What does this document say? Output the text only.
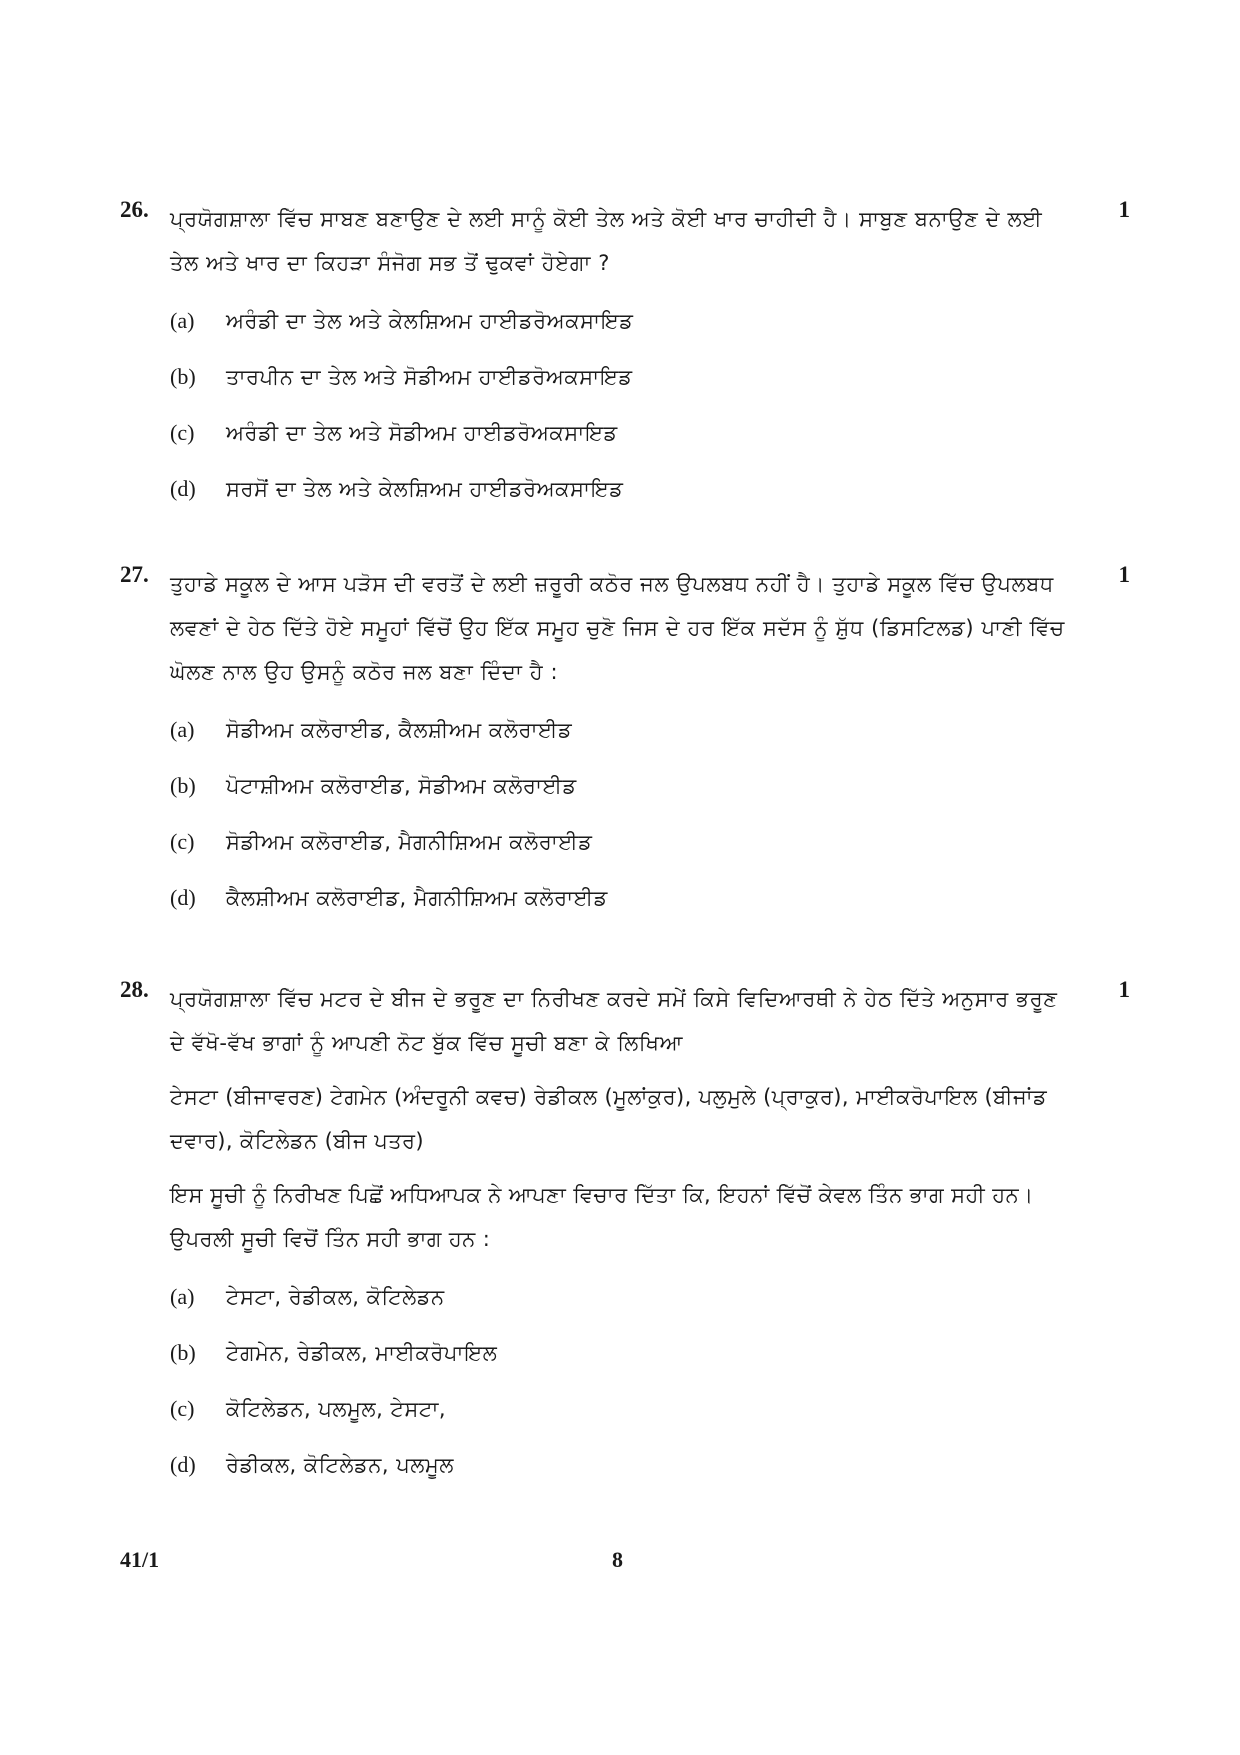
26.	1

ਪ੍ਰਯੋਗਸ਼ਾਲਾ ਵਿੱਚ ਸਾਬਣ ਬਣਾਉਣ ਦੇ ਲਈ ਸਾਨੂੰ ਕੋਈ ਤੇਲ ਅਤੇ ਕੋਈ ਖਾਰ ਚਾਹੀਦੀ ਹੈ। ਸਾਬੁਣ ਬਨਾਉਣ ਦੇ ਲਈ ਤੇਲ ਅਤੇ ਖਾਰ ਦਾ ਕਿਹੜਾ ਸੰਜੋਗ ਸਭ ਤੋਂ ਢੁਕਵਾਂ ਹੋਏਗਾ ?

(a)	ਅਰੰਡੀ ਦਾ ਤੇਲ ਅਤੇ ਕੇਲਸ਼ਿਅਮ ਹਾਈਡਰੋਅਕਸਾਇਡ
(b)	ਤਾਰਪੀਨ ਦਾ ਤੇਲ ਅਤੇ ਸੋਡੀਅਮ ਹਾਈਡਰੋਅਕਸਾਇਡ
(c)	ਅਰੰਡੀ ਦਾ ਤੇਲ ਅਤੇ ਸੋਡੀਅਮ ਹਾਈਡਰੋਅਕਸਾਇਡ
(d)	ਸਰਸੋਂ ਦਾ ਤੇਲ ਅਤੇ ਕੇਲਸ਼ਿਅਮ ਹਾਈਡਰੋਅਕਸਾਇਡ
27.	1

ਤੁਹਾਡੇ ਸਕੂਲ ਦੇ ਆਸ ਪੜੋਸ ਦੀ ਵਰਤੋਂ ਦੇ ਲਈ ਜ਼ਰੂਰੀ ਕਠੋਰ ਜਲ ਉਪਲਬਧ ਨਹੀਂ ਹੈ। ਤੁਹਾਡੇ ਸਕੂਲ ਵਿੱਚ ਉਪਲਬਧ ਲਵਣਾਂ ਦੇ ਹੇਠ ਦਿੱਤੇ ਹੋਏ ਸਮੂਹਾਂ ਵਿੱਚੋਂ ਉਹ ਇੱਕ ਸਮੂਹ ਚੁਣੋ ਜਿਸ ਦੇ ਹਰ ਇੱਕ ਸਦੱਸ ਨੂੰ ਸ਼ੁੱਧ (ਡਿਸਟਿਲਡ) ਪਾਣੀ ਵਿੱਚ ਘੋਲਣ ਨਾਲ ਉਹ ਉਸਨੂੰ ਕਠੋਰ ਜਲ ਬਣਾ ਦਿੰਦਾ ਹੈ :

(a)	ਸੋਡੀਅਮ ਕਲੋਰਾਈਡ, ਕੈਲਸ਼ੀਅਮ ਕਲੋਰਾਈਡ
(b)	ਪੋਟਾਸ਼ੀਅਮ ਕਲੋਰਾਈਡ, ਸੋਡੀਅਮ ਕਲੋਰਾਈਡ
(c)	ਸੋਡੀਅਮ ਕਲੋਰਾਈਡ, ਮੈਗਨੀਸ਼ਿਅਮ ਕਲੋਰਾਈਡ
(d)	ਕੈਲਸ਼ੀਅਮ ਕਲੋਰਾਈਡ, ਮੈਗਨੀਸ਼ਿਅਮ ਕਲੋਰਾਈਡ
28.	1

ਪ੍ਰਯੋਗਸ਼ਾਲਾ ਵਿੱਚ ਮਟਰ ਦੇ ਬੀਜ ਦੇ ਭਰੂਣ ਦਾ ਨਿਰੀਖਣ ਕਰਦੇ ਸਮੇਂ ਕਿਸੇ ਵਿਦਿਆਰਥੀ ਨੇ ਹੇਠ ਦਿੱਤੇ ਅਨੁਸਾਰ ਭਰੂਣ ਦੇ ਵੱਖੋ-ਵੱਖ ਭਾਗਾਂ ਨੂੰ ਆਪਣੀ ਨੋਟ ਬੁੱਕ ਵਿੱਚ ਸੂਚੀ ਬਣਾ ਕੇ ਲਿਖਿਆ

ਟੇਸਟਾ (ਬੀਜਾਵਰਣ) ਟੇਗਮੇਨ (ਅੰਦਰੂਨੀ ਕਵਚ) ਰੇਡੀਕਲ (ਮੂਲਾਂਕੁਰ), ਪਲੁਮੁਲੇ (ਪ੍ਰਾਕੁਰ), ਮਾਈਕਰੋਪਾਇਲ (ਬੀਜਾਂਡ ਦਵਾਰ), ਕੋਟਿਲੇਡਨ (ਬੀਜ ਪਤਰ)

ਇਸ ਸੂਚੀ ਨੂੰ ਨਿਰੀਖਣ ਪਿਛੋਂ ਅਧਿਆਪਕ ਨੇ ਆਪਣਾ ਵਿਚਾਰ ਦਿੱਤਾ ਕਿ, ਇਹਨਾਂ ਵਿੱਚੋਂ ਕੇਵਲ ਤਿੰਨ ਭਾਗ ਸਹੀ ਹਨ। ਉਪਰਲੀ ਸੂਚੀ ਵਿਚੋਂ ਤਿੰਨ ਸਹੀ ਭਾਗ ਹਨ :

(a)	ਟੇਸਟਾ, ਰੇਡੀਕਲ, ਕੋਟਿਲੇਡਨ
(b)	ਟੇਗਮੇਨ, ਰੇਡੀਕਲ, ਮਾਈਕਰੋਪਾਇਲ
(c)	ਕੋਟਿਲੇਡਨ, ਪਲਮੂਲ, ਟੇਸਟਾ,
(d)	ਰੇਡੀਕਲ, ਕੋਟਿਲੇਡਨ, ਪਲਮੂਲ
41/1	8
